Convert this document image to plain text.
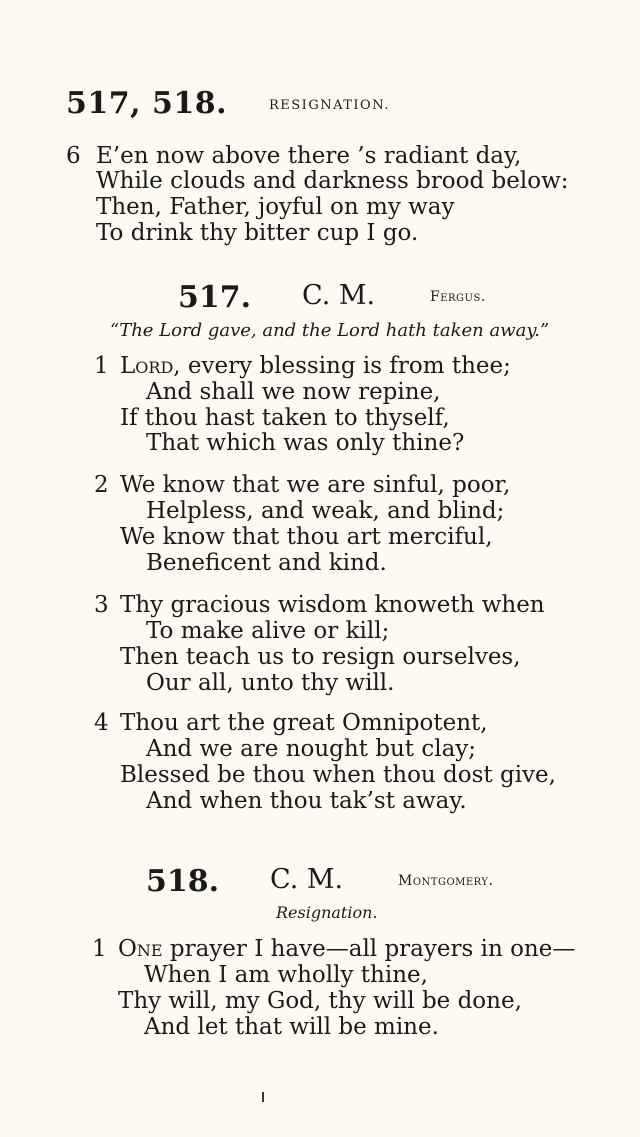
517, 518.	RESIGNATION.
6 E’en now above there ’s radiant day,
While clouds and darkness brood below:
Then, Father, joyful on my way
To drink thy bitter cup I go.
517. C. M.	Fergus.
“The Lord gave, and the Lord hath taken away.”
1 Lord, every blessing is from thee;
And shall we now repine,
If thou hast taken to thyself,
That which was only thine?
2 We know that we are sinful, poor,
Helpless, and weak, and blind;
We know that thou art merciful,
Beneficent and kind.
3 Thy gracious wisdom knoweth when
To make alive or kill;
Then teach us to resign ourselves,
Our all, unto thy will.
4 Thou art the great Omnipotent,
And we are nought but clay;
Blessed be thou when thou dost give,
And when thou tak’st away.
518. C. M.	Montgomery.
Resignation.
1 One prayer I have—all prayers in one—
When I am wholly thine,
Thy will, my God, thy will be done,
And let that will be mine.
